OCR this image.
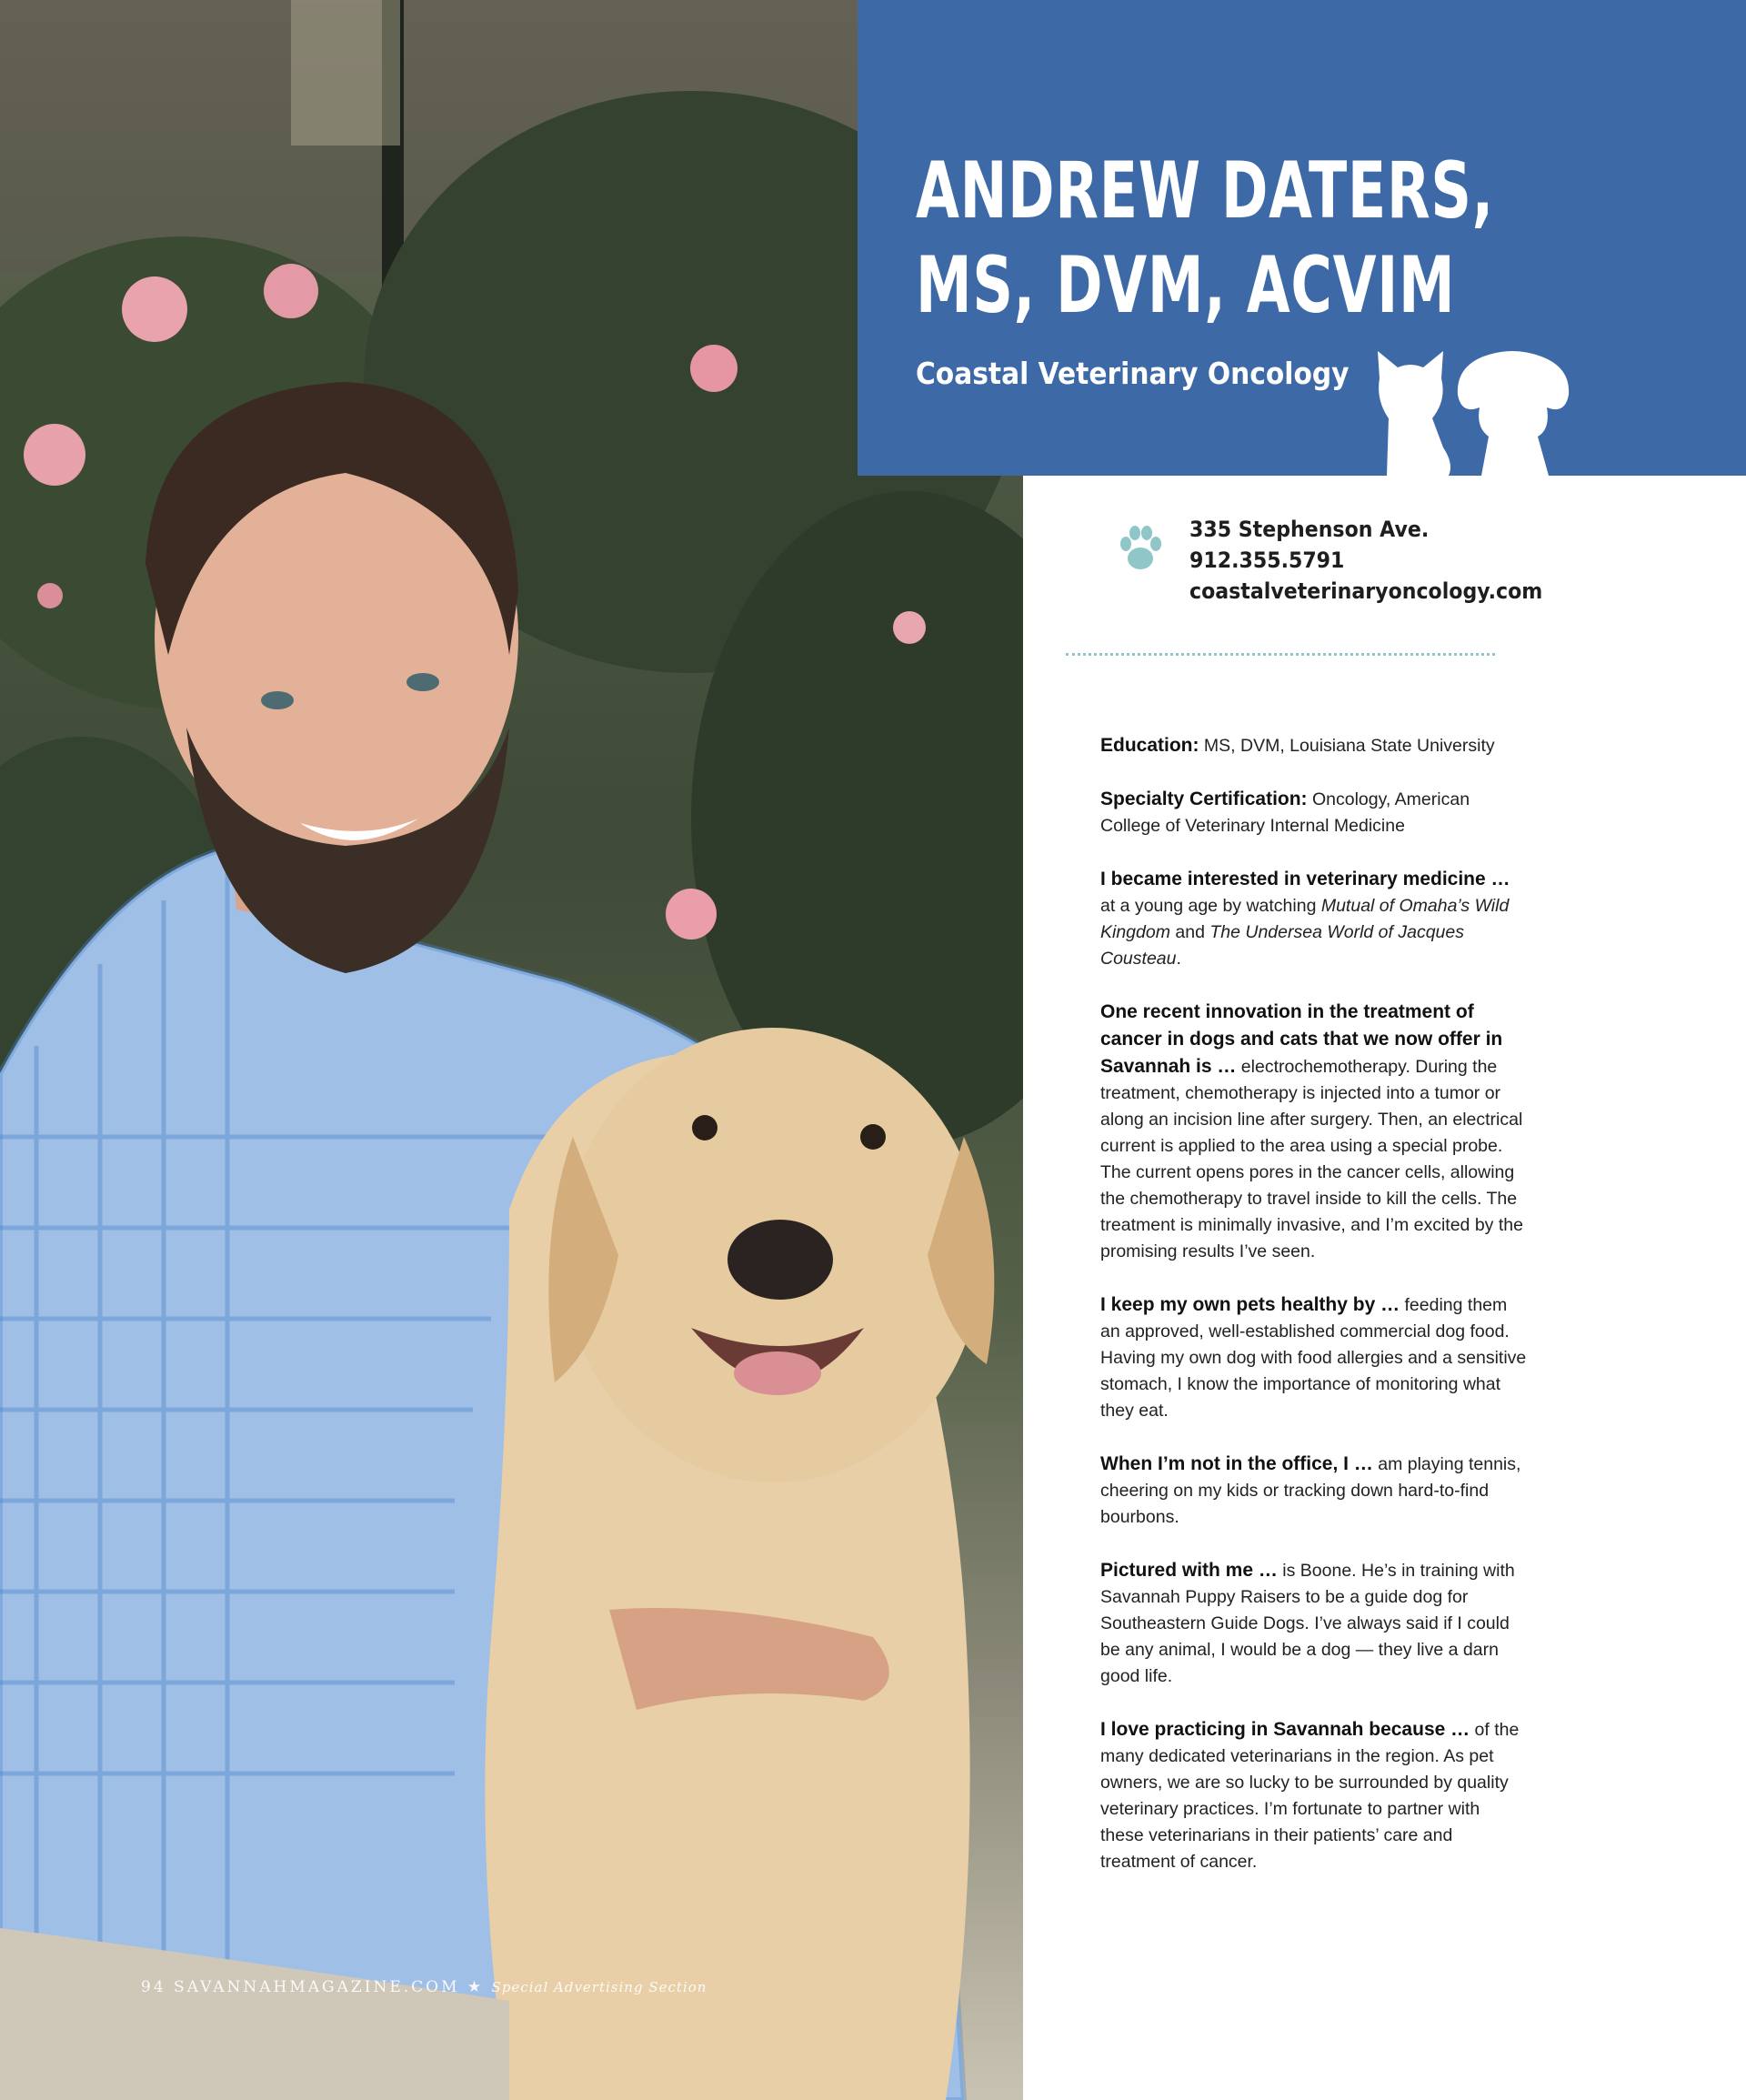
ANDREW DATERS,
MS, DVM, ACVIM
Coastal Veterinary Oncology
335 Stephenson Ave.
912.355.5791
coastalveterinaryoncology.com

Education: MS, DVM, Louisiana State University

Specialty Certification: Oncology, American College of Veterinary Internal Medicine

I became interested in veterinary medicine … at a young age by watching Mutual of Omaha’s Wild Kingdom and The Undersea World of Jacques Cousteau.

One recent innovation in the treatment of cancer in dogs and cats that we now offer in Savannah is … electrochemotherapy. During the treatment, chemotherapy is injected into a tumor or along an incision line after surgery. Then, an electrical current is applied to the area using a special probe. The current opens pores in the cancer cells, allowing the chemotherapy to travel inside to kill the cells. The treatment is minimally invasive, and I’m excited by the promising results I’ve seen.

I keep my own pets healthy by … feeding them an approved, well-established commercial dog food. Having my own dog with food allergies and a sensitive stomach, I know the importance of monitoring what they eat.

When I’m not in the office, I … am playing tennis, cheering on my kids or tracking down hard-to-find bourbons.

Pictured with me … is Boone. He’s in training with Savannah Puppy Raisers to be a guide dog for Southeastern Guide Dogs. I’ve always said if I could be any animal, I would be a dog — they live a darn good life.

I love practicing in Savannah because … of the many dedicated veterinarians in the region. As pet owners, we are so lucky to be surrounded by quality veterinary practices. I’m fortunate to partner with these veterinarians in their patients’ care and treatment of cancer.

94 SAVANNAHMAGAZINE.COM ★ Special Advertising Section
